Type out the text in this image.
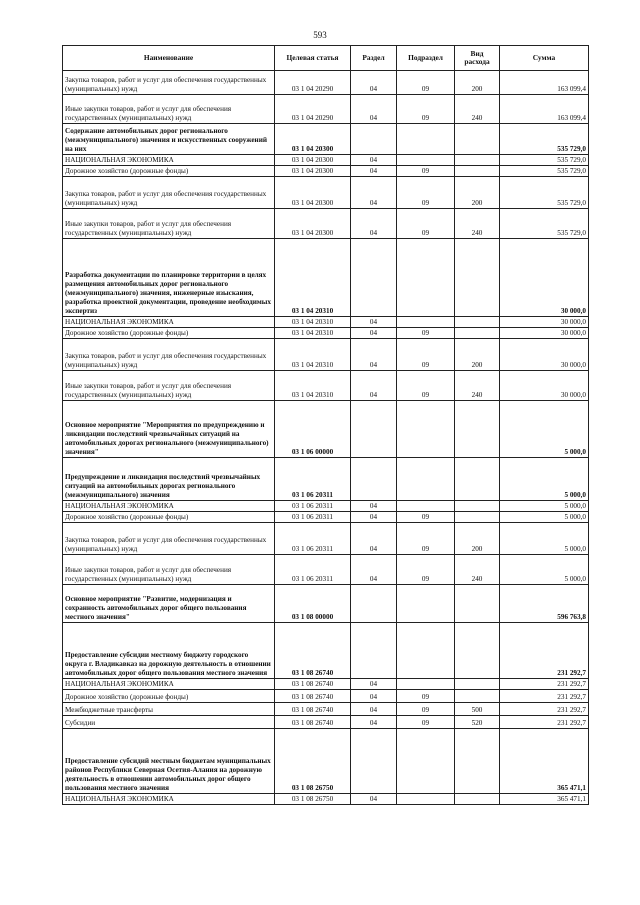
593
Наименование	Целевая статья	Раздел	Подраздел	Вид расхода	Сумма
Закупка товаров, работ и услуг для обеспечения государственных (муниципальных) нужд	03 1 04 20290	04	09	200	163 099,4
Иные закупки товаров, работ и услуг для обеспечения государственных (муниципальных) нужд	03 1 04 20290	04	09	240	163 099,4
Содержание автомобильных дорог регионального (межмуниципального) значения и искусственных сооружений на них	03 1 04 20300				535 729,0
НАЦИОНАЛЬНАЯ ЭКОНОМИКА	03 1 04 20300	04			535 729,0
Дорожное хозяйство (дорожные фонды)	03 1 04 20300	04	09		535 729,0
Закупка товаров, работ и услуг для обеспечения государственных (муниципальных) нужд	03 1 04 20300	04	09	200	535 729,0
Иные закупки товаров, работ и услуг для обеспечения государственных (муниципальных) нужд	03 1 04 20300	04	09	240	535 729,0
Разработка документации по планировке территории в целях размещения автомобильных дорог регионального (межмуниципального) значения, инженерные изыскания, разработка проектной документации, проведение необходимых экспертиз	03 1 04 20310				30 000,0
НАЦИОНАЛЬНАЯ ЭКОНОМИКА	03 1 04 20310	04			30 000,0
Дорожное хозяйство (дорожные фонды)	03 1 04 20310	04	09		30 000,0
Закупка товаров, работ и услуг для обеспечения государственных (муниципальных) нужд	03 1 04 20310	04	09	200	30 000,0
Иные закупки товаров, работ и услуг для обеспечения государственных (муниципальных) нужд	03 1 04 20310	04	09	240	30 000,0
Основное мероприятие "Мероприятия по предупреждению и ликвидации последствий чрезвычайных ситуаций на автомобильных дорогах регионального (межмуниципального) значения"	03 1 06 00000				5 000,0
Предупреждение и ликвидация последствий чрезвычайных ситуаций на автомобильных дорогах регионального (межмуниципального) значения	03 1 06 20311				5 000,0
НАЦИОНАЛЬНАЯ ЭКОНОМИКА	03 1 06 20311	04			5 000,0
Дорожное хозяйство (дорожные фонды)	03 1 06 20311	04	09		5 000,0
Закупка товаров, работ и услуг для обеспечения государственных (муниципальных) нужд	03 1 06 20311	04	09	200	5 000,0
Иные закупки товаров, работ и услуг для обеспечения государственных (муниципальных) нужд	03 1 06 20311	04	09	240	5 000,0
Основное мероприятие "Развитие, модернизация и сохранность автомобильных дорог общего пользования местного значения"	03 1 08 00000				596 763,8
Предоставление субсидии местному бюджету городского округа г. Владикавказ на дорожную деятельность в отношении автомобильных дорог общего пользования местного значения	03 1 08 26740				231 292,7
НАЦИОНАЛЬНАЯ ЭКОНОМИКА	03 1 08 26740	04			231 292,7
Дорожное хозяйство (дорожные фонды)	03 1 08 26740	04	09		231 292,7
Межбюджетные трансферты	03 1 08 26740	04	09	500	231 292,7
Субсидии	03 1 08 26740	04	09	520	231 292,7
Предоставление субсидий местным бюджетам муниципальных районов Республики Северная Осетия-Алания на дорожную деятельность в отношении автомобильных дорог общего пользования местного значения	03 1 08 26750				365 471,1
НАЦИОНАЛЬНАЯ ЭКОНОМИКА	03 1 08 26750	04			365 471,1
